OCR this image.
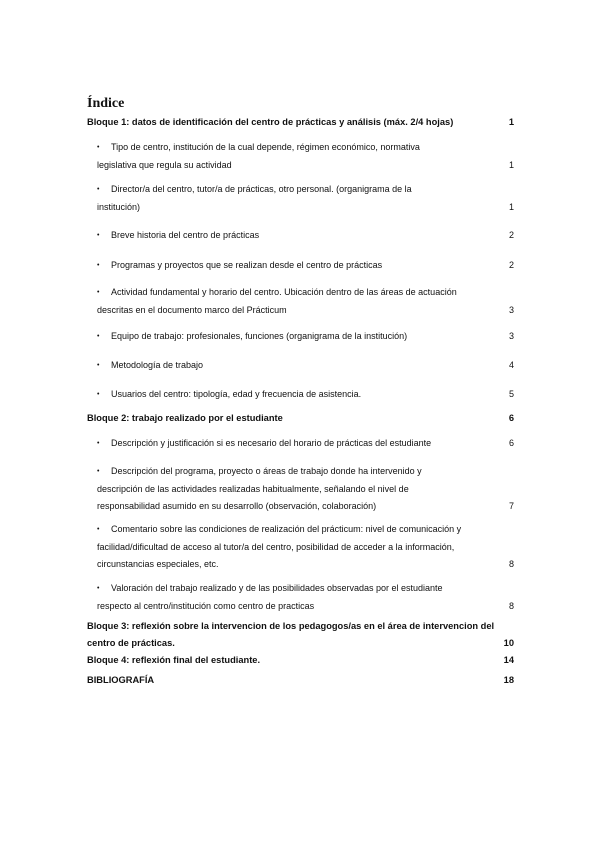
Índice
Bloque 1: datos de identificación del centro de prácticas y análisis (máx. 2/4 hojas)	1
• Tipo de centro, institución de la cual depende, régimen económico, normativa
legislativa que regula su actividad	1
• Director/a del centro, tutor/a de prácticas, otro personal. (organigrama de la
institución)	1
• Breve historia del centro de prácticas	2
• Programas y proyectos que se realizan desde el centro de prácticas	2
• Actividad fundamental y horario del centro. Ubicación dentro de las áreas de actuación
descritas en el documento marco del Prácticum	3
• Equipo de trabajo: profesionales, funciones (organigrama de la institución)	3
• Metodología de trabajo	4
• Usuarios del centro: tipología, edad y frecuencia de asistencia.	5
Bloque 2: trabajo realizado por el estudiante	6
• Descripción y justificación si es necesario del horario de prácticas del estudiante	6
• Descripción del programa, proyecto o áreas de trabajo donde ha intervenido y
descripción de las actividades realizadas habitualmente, señalando el nivel de
responsabilidad asumido en su desarrollo (observación, colaboración)	7
• Comentario sobre las condiciones de realización del prácticum: nivel de comunicación y
facilidad/dificultad de acceso al tutor/a del centro, posibilidad de acceder a la información,
circunstancias especiales, etc.	8
• Valoración del trabajo realizado y de las posibilidades observadas por el estudiante
respecto al centro/institución como centro de practicas	8
Bloque 3: reflexión sobre la intervencion de los pedagogos/as en el área de intervencion del
centro de prácticas.	10
Bloque 4: reflexión final del estudiante.	14
BIBLIOGRAFÍA	18
